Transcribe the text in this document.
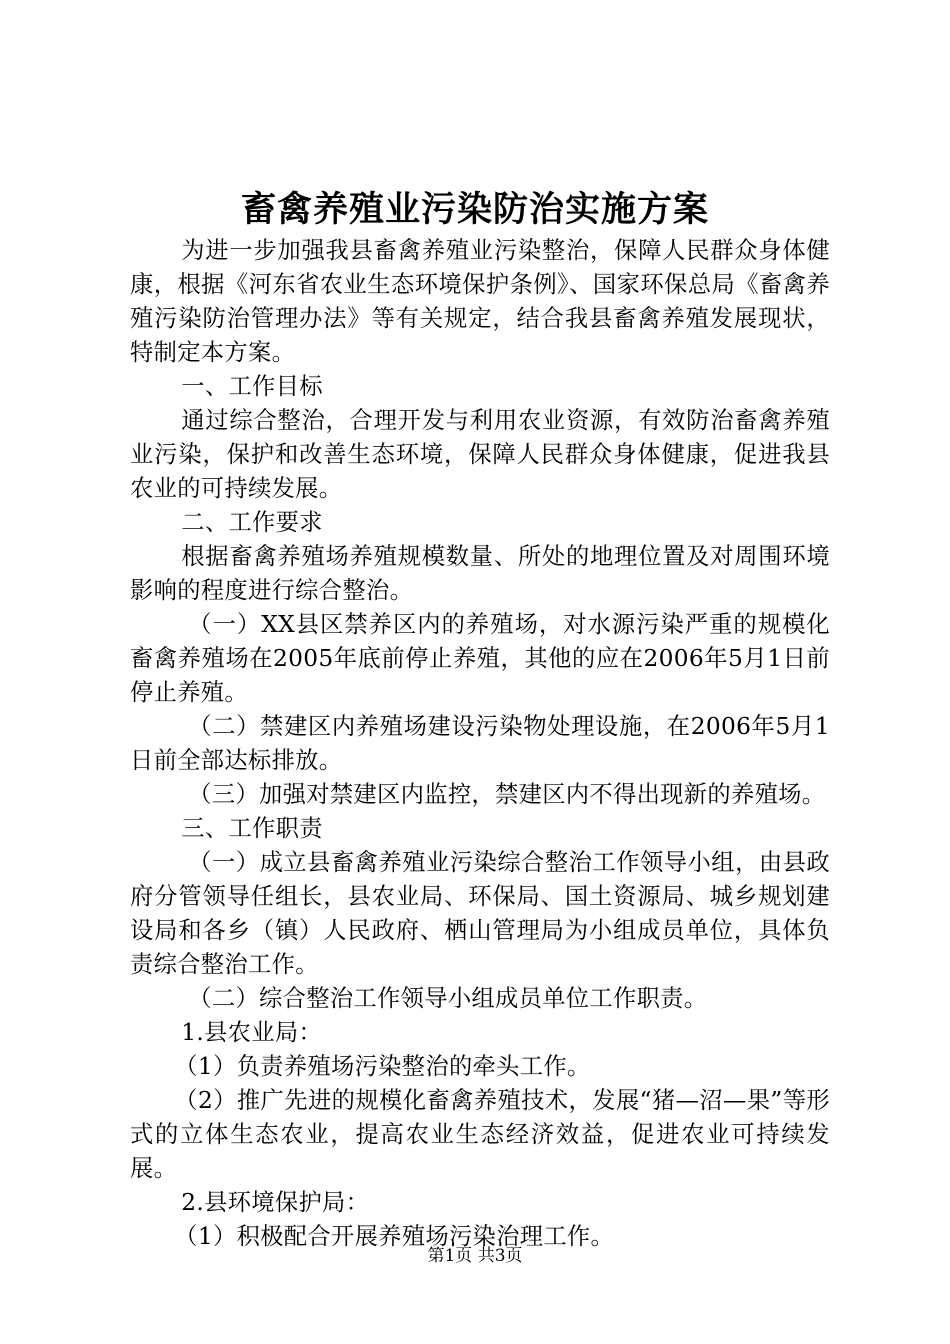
畜禽养殖业污染防治实施方案

为进一步加强我县畜禽养殖业污染整治，保障人民群众身体健康，根据《河东省农业生态环境保护条例》、国家环保总局《畜禽养殖污染防治管理办法》等有关规定，结合我县畜禽养殖发展现状，特制定本方案。

一、工作目标

通过综合整治，合理开发与利用农业资源，有效防治畜禽养殖业污染，保护和改善生态环境，保障人民群众身体健康，促进我县农业的可持续发展。

二、工作要求

根据畜禽养殖场养殖规模数量、所处的地理位置及对周围环境影响的程度进行综合整治。

（一）XX县区禁养区内的养殖场，对水源污染严重的规模化畜禽养殖场在2005年底前停止养殖，其他的应在2006年5月1日前停止养殖。

（二）禁建区内养殖场建设污染物处理设施，在2006年5月1日前全部达标排放。

（三）加强对禁建区内监控，禁建区内不得出现新的养殖场。

三、工作职责

（一）成立县畜禽养殖业污染综合整治工作领导小组，由县政府分管领导任组长，县农业局、环保局、国土资源局、城乡规划建设局和各乡（镇）人民政府、栖山管理局为小组成员单位，具体负责综合整治工作。

（二）综合整治工作领导小组成员单位工作职责。

1.县农业局：

（1）负责养殖场污染整治的牵头工作。

（2）推广先进的规模化畜禽养殖技术，发展“猪—沼—果”等形式的立体生态农业，提高农业生态经济效益，促进农业可持续发展。

2.县环境保护局：

（1）积极配合开展养殖场污染治理工作。

第1页 共3页
